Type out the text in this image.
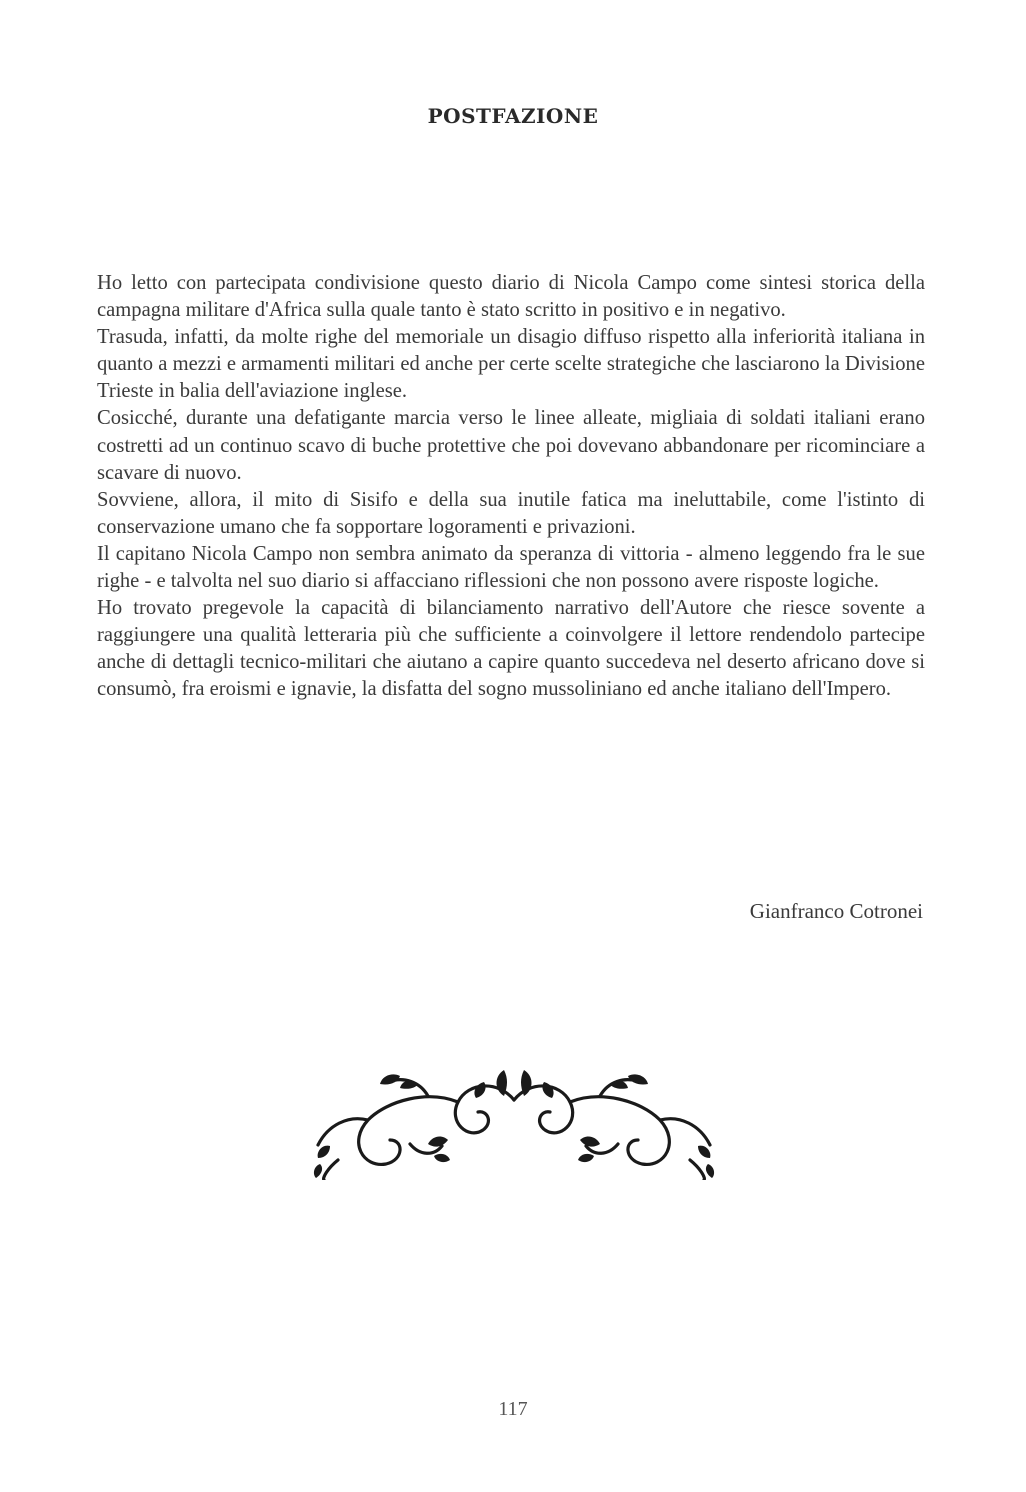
POSTFAZIONE

Ho letto con partecipata condivisione questo diario di Nicola Campo come sintesi storica della campagna militare d'Africa sulla quale tanto è stato scritto in positivo e in negativo.

Trasuda, infatti, da molte righe del memoriale un disagio diffuso rispetto alla inferiorità italiana in quanto a mezzi e armamenti militari ed anche per certe scelte strategiche che lasciarono la Divisione Trieste in balia dell'aviazione inglese.

Cosicché, durante una defatigante marcia verso le linee alleate, migliaia di soldati italiani erano costretti ad un continuo scavo di buche protettive che poi dovevano abbandonare per ricominciare a scavare di nuovo.

Sovviene, allora, il mito di Sisifo e della sua inutile fatica ma ineluttabile, come l'istinto di conservazione umano che fa sopportare logoramenti e privazioni.

Il capitano Nicola Campo non sembra animato da speranza di vittoria - almeno leggendo fra le sue righe - e talvolta nel suo diario si affacciano riflessioni che non possono avere risposte logiche.

Ho trovato pregevole la capacità di bilanciamento narrativo dell'Autore che riesce sovente a raggiungere una qualità letteraria più che sufficiente a coinvolgere il lettore rendendolo partecipe anche di dettagli tecnico-militari che aiutano a capire quanto succedeva nel deserto africano dove si consumò, fra eroismi e ignavie, la disfatta del sogno mussoliniano ed anche italiano dell'Impero.

Gianfranco Cotronei
117
